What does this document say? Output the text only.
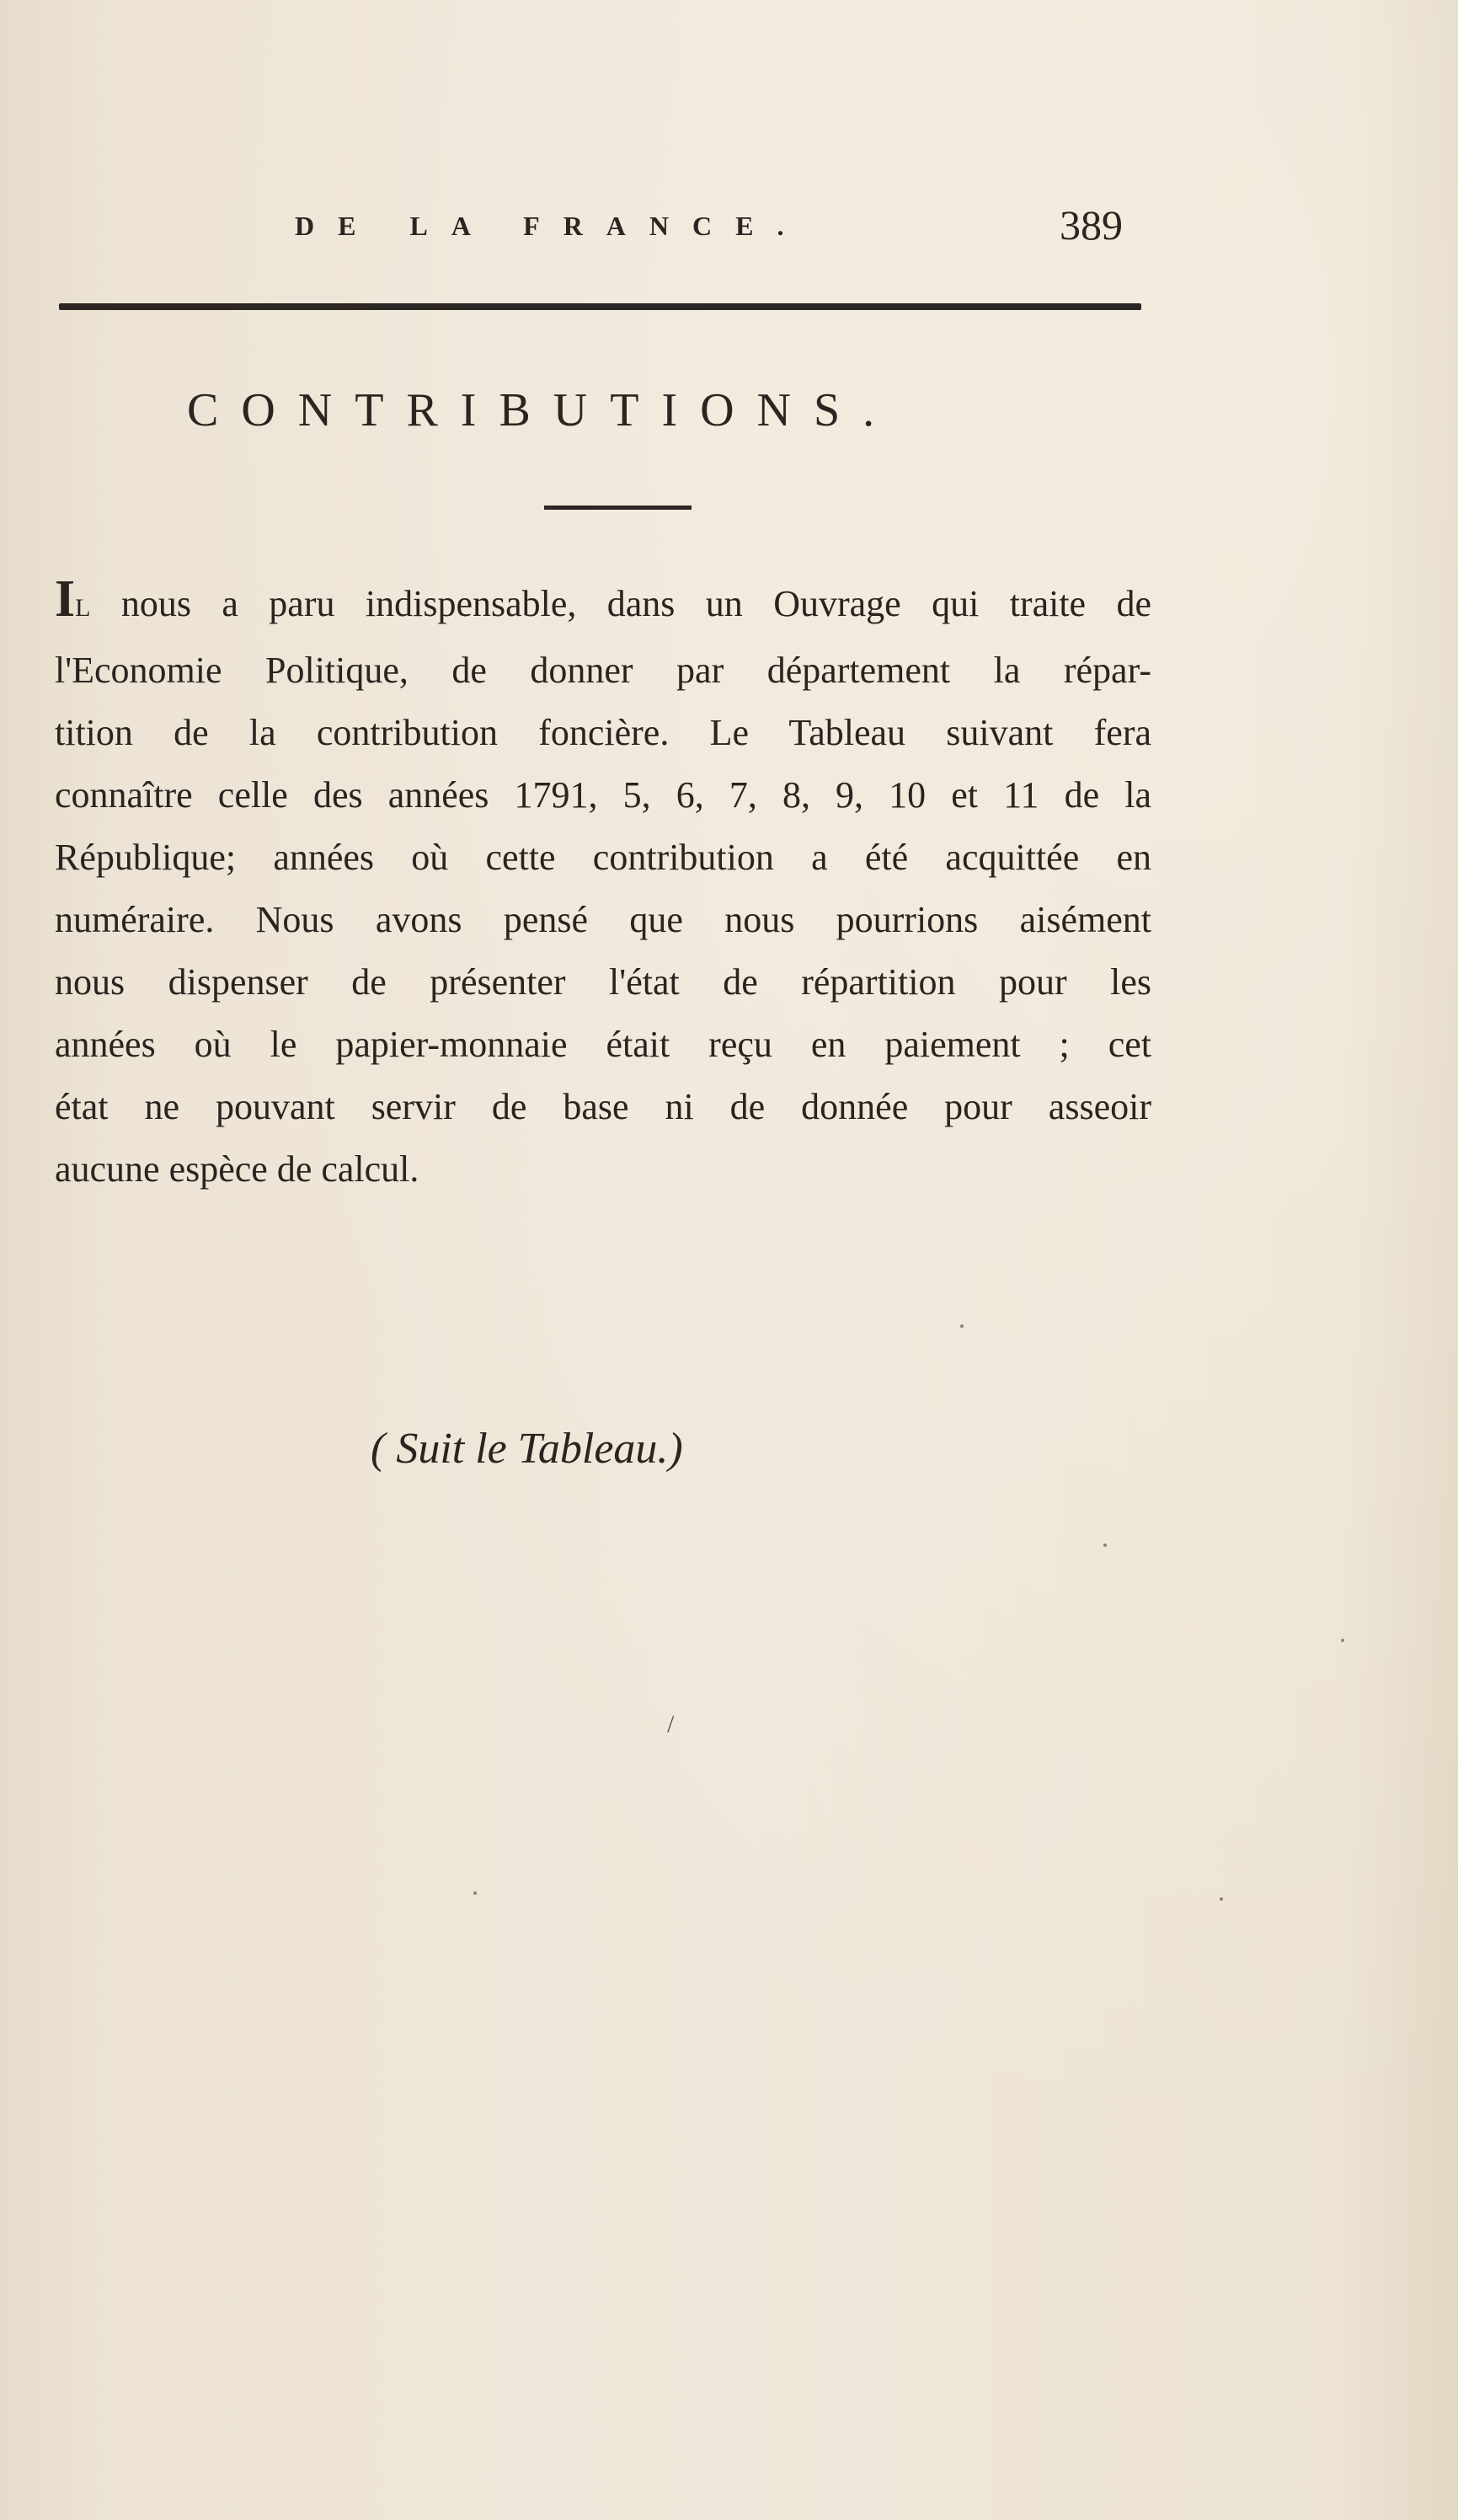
DE LA FRANCE.	389
CONTRIBUTIONS.
IL nous a paru indispensable, dans un Ouvrage qui traite de
l'Economie Politique, de donner par département la répar-
tition de la contribution foncière. Le Tableau suivant fera
connaître celle des années 1791, 5, 6, 7, 8, 9, 10 et 11 de la
République; années où cette contribution a été acquittée en
numéraire. Nous avons pensé que nous pourrions aisément
nous dispenser de présenter l'état de répartition pour les
années où le papier-monnaie était reçu en paiement ; cet
état ne pouvant servir de base ni de donnée pour asseoir
aucune espèce de calcul.
( Suit le Tableau.)
/
